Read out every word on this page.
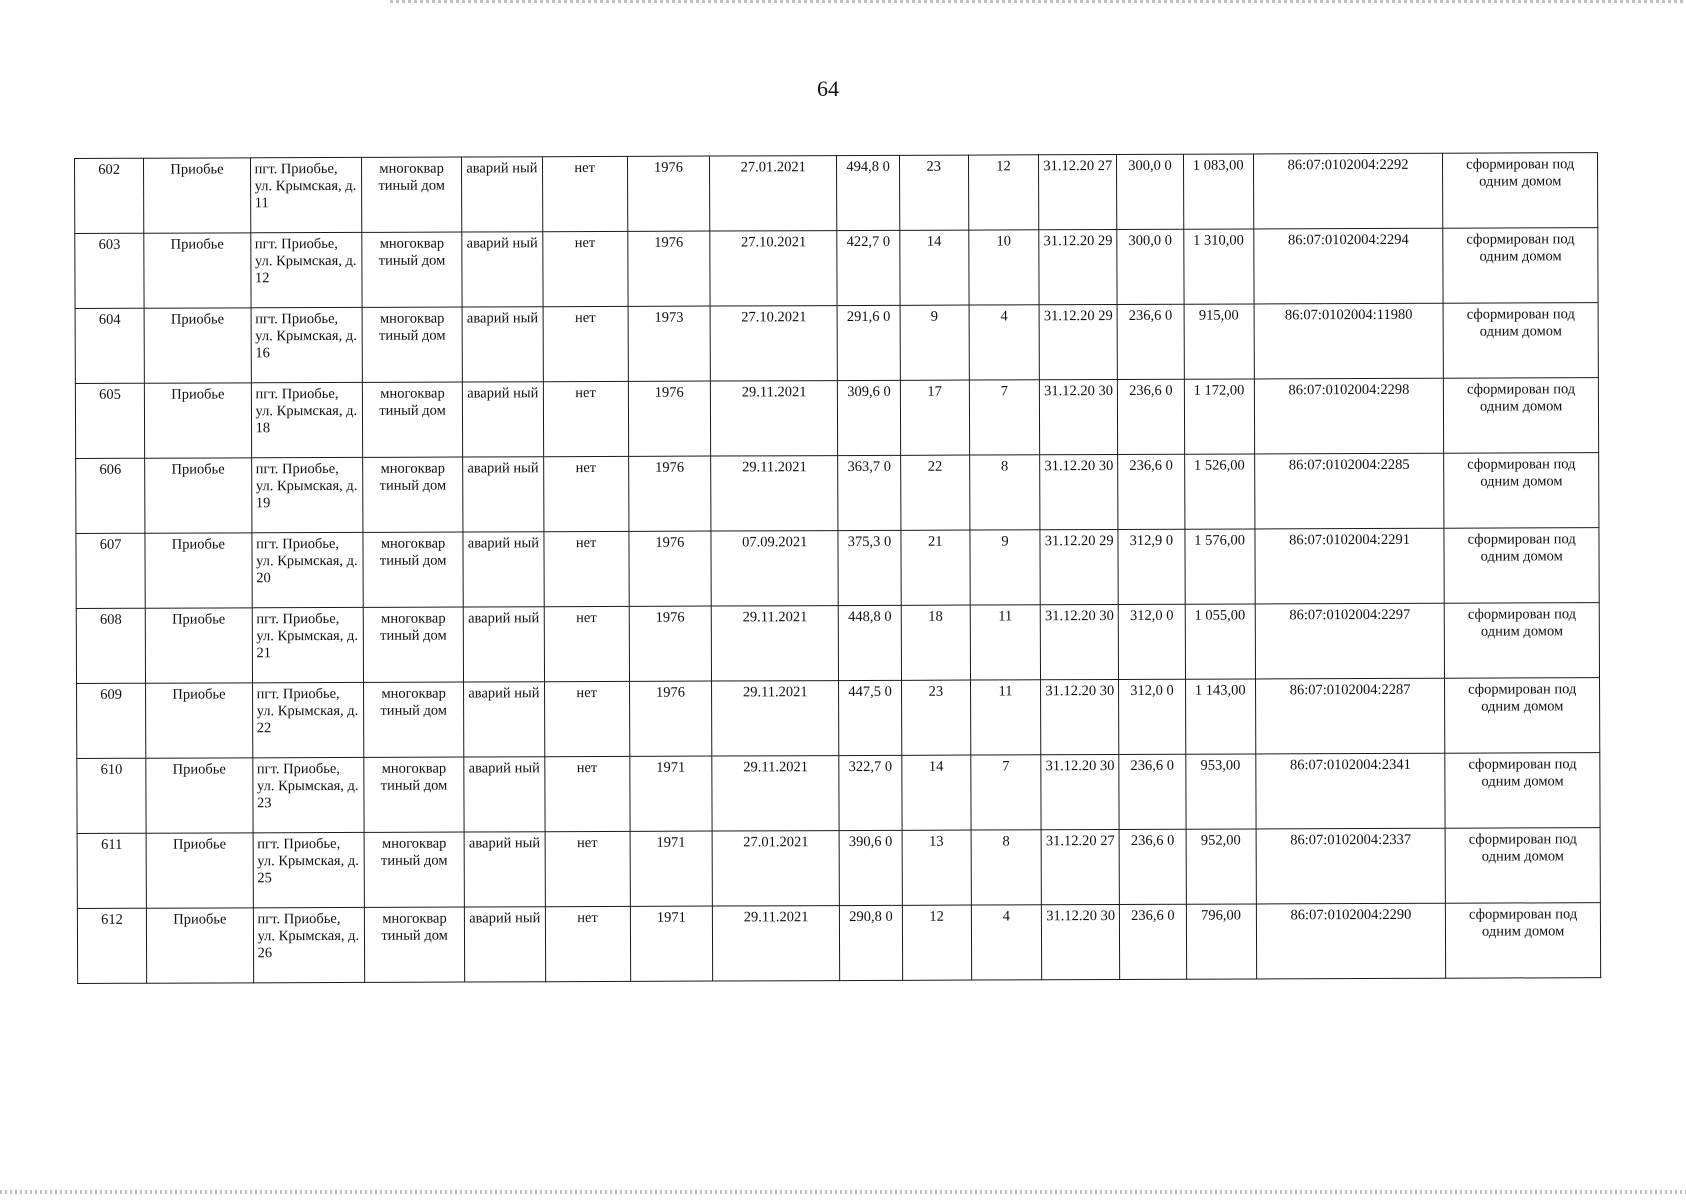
64
602	Приобье	пгт. Приобье, ул. Крымская, д. 11	многоквар тиный дом	аварий ный	нет	1976	27.01.2021	494,8 0	23	12	31.12.20 27	300,0 0	1 083,00	86:07:0102004:2292	сформирован под одним домом
603	Приобье	пгт. Приобье, ул. Крымская, д. 12	многоквар тиный дом	аварий ный	нет	1976	27.10.2021	422,7 0	14	10	31.12.20 29	300,0 0	1 310,00	86:07:0102004:2294	сформирован под одним домом
604	Приобье	пгт. Приобье, ул. Крымская, д. 16	многоквар тиный дом	аварий ный	нет	1973	27.10.2021	291,6 0	9	4	31.12.20 29	236,6 0	915,00	86:07:0102004:11980	сформирован под одним домом
605	Приобье	пгт. Приобье, ул. Крымская, д. 18	многоквар тиный дом	аварий ный	нет	1976	29.11.2021	309,6 0	17	7	31.12.20 30	236,6 0	1 172,00	86:07:0102004:2298	сформирован под одним домом
606	Приобье	пгт. Приобье, ул. Крымская, д. 19	многоквар тиный дом	аварий ный	нет	1976	29.11.2021	363,7 0	22	8	31.12.20 30	236,6 0	1 526,00	86:07:0102004:2285	сформирован под одним домом
607	Приобье	пгт. Приобье, ул. Крымская, д. 20	многоквар тиный дом	аварий ный	нет	1976	07.09.2021	375,3 0	21	9	31.12.20 29	312,9 0	1 576,00	86:07:0102004:2291	сформирован под одним домом
608	Приобье	пгт. Приобье, ул. Крымская, д. 21	многоквар тиный дом	аварий ный	нет	1976	29.11.2021	448,8 0	18	11	31.12.20 30	312,0 0	1 055,00	86:07:0102004:2297	сформирован под одним домом
609	Приобье	пгт. Приобье, ул. Крымская, д. 22	многоквар тиный дом	аварий ный	нет	1976	29.11.2021	447,5 0	23	11	31.12.20 30	312,0 0	1 143,00	86:07:0102004:2287	сформирован под одним домом
610	Приобье	пгт. Приобье, ул. Крымская, д. 23	многоквар тиный дом	аварий ный	нет	1971	29.11.2021	322,7 0	14	7	31.12.20 30	236,6 0	953,00	86:07:0102004:2341	сформирован под одним домом
611	Приобье	пгт. Приобье, ул. Крымская, д. 25	многоквар тиный дом	аварий ный	нет	1971	27.01.2021	390,6 0	13	8	31.12.20 27	236,6 0	952,00	86:07:0102004:2337	сформирован под одним домом
612	Приобье	пгт. Приобье, ул. Крымская, д. 26	многоквар тиный дом	аварий ный	нет	1971	29.11.2021	290,8 0	12	4	31.12.20 30	236,6 0	796,00	86:07:0102004:2290	сформирован под одним домом
